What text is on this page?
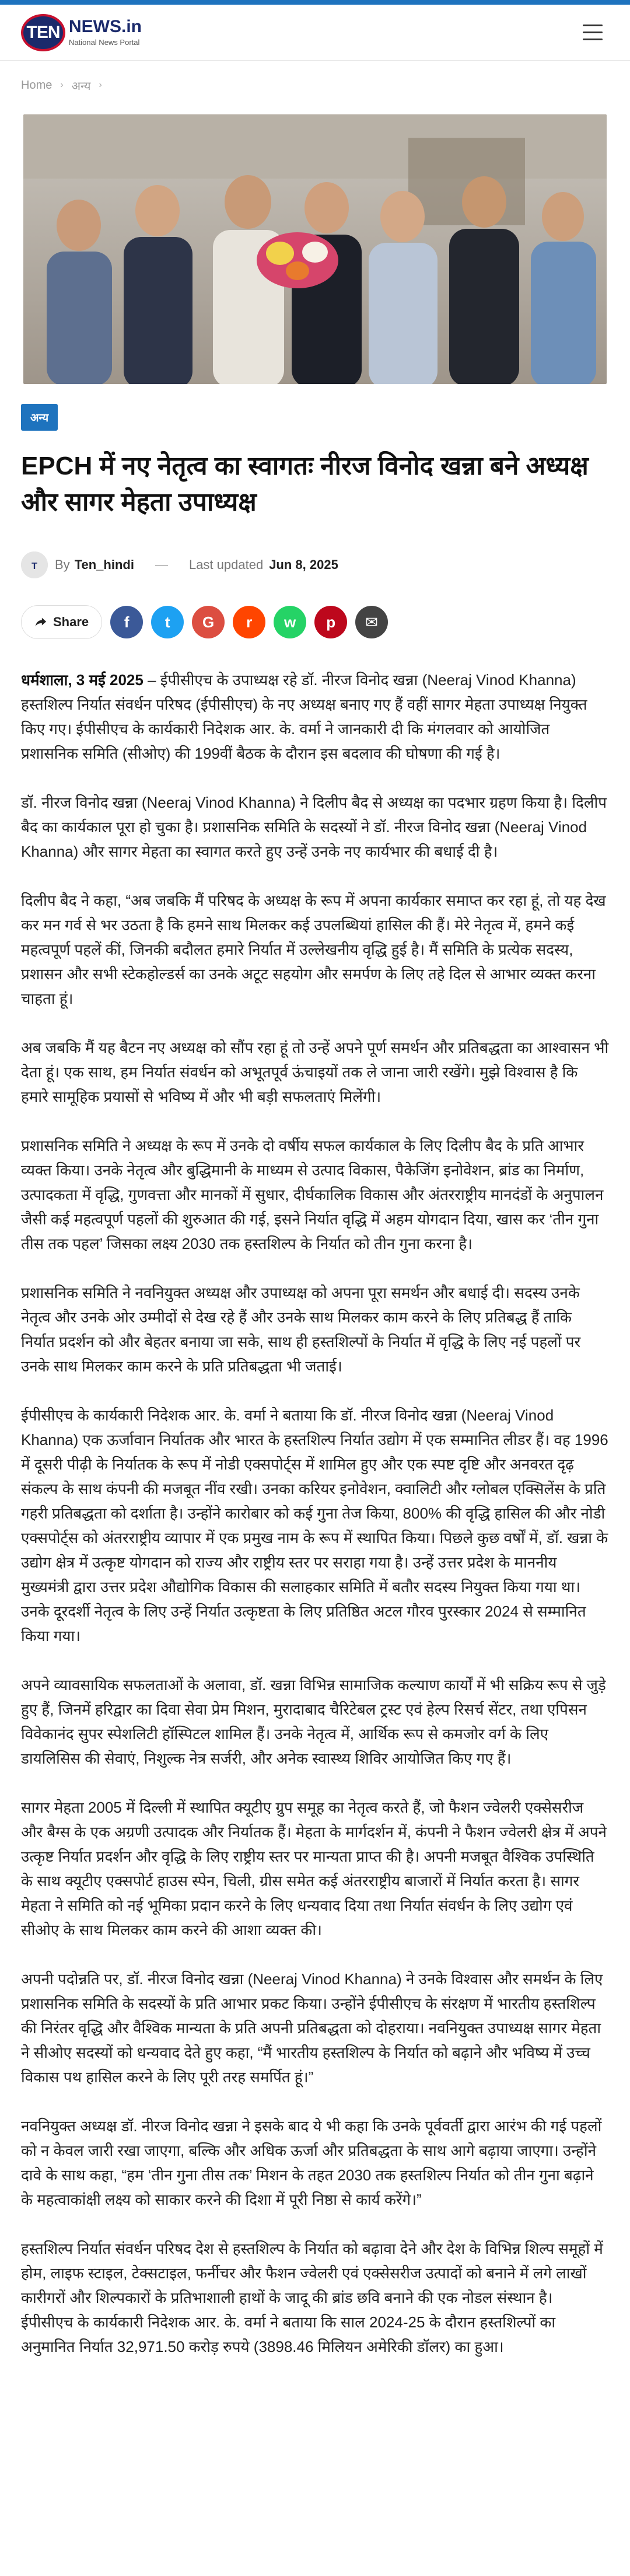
TEN NEWS.in
National News Portal
Home › अन्य ›
अन्य
EPCH में नए नेतृत्व का स्वागतः नीरज विनोद खन्ना बने अध्यक्ष और सागर मेहता उपाध्यक्ष
T By Ten_hindi — Last updated Jun 8, 2025
Share f t G r w p ✉

धर्मशाला, 3 मई 2025 – ईपीसीएच के उपाध्यक्ष रहे डॉ. नीरज विनोद खन्ना (Neeraj Vinod Khanna) हस्तशिल्प निर्यात संवर्धन परिषद (ईपीसीएच) के नए अध्यक्ष बनाए गए हैं वहीं सागर मेहता उपाध्यक्ष नियुक्त किए गए। ईपीसीएच के कार्यकारी निदेशक आर. के. वर्मा ने जानकारी दी कि मंगलवार को आयोजित प्रशासनिक समिति (सीओए) की 199वीं बैठक के दौरान इस बदलाव की घोषणा की गई है।

डॉ. नीरज विनोद खन्ना (Neeraj Vinod Khanna) ने दिलीप बैद से अध्यक्ष का पदभार ग्रहण किया है। दिलीप बैद का कार्यकाल पूरा हो चुका है। प्रशासनिक समिति के सदस्यों ने डॉ. नीरज विनोद खन्ना (Neeraj Vinod Khanna) और सागर मेहता का स्वागत करते हुए उन्हें उनके नए कार्यभार की बधाई दी है।

दिलीप बैद ने कहा, “अब जबकि मैं परिषद के अध्यक्ष के रूप में अपना कार्यकार समाप्त कर रहा हूं, तो यह देख कर मन गर्व से भर उठता है कि हमने साथ मिलकर कई उपलब्धियां हासिल की हैं। मेरे नेतृत्व में, हमने कई महत्वपूर्ण पहलें कीं, जिनकी बदौलत हमारे निर्यात में उल्लेखनीय वृद्धि हुई है। मैं समिति के प्रत्येक सदस्य, प्रशासन और सभी स्टेकहोल्डर्स का उनके अटूट सहयोग और समर्पण के लिए तहे दिल से आभार व्यक्त करना चाहता हूं।

अब जबकि मैं यह बैटन नए अध्यक्ष को सौंप रहा हूं तो उन्हें अपने पूर्ण समर्थन और प्रतिबद्धता का आश्वासन भी देता हूं। एक साथ, हम निर्यात संवर्धन को अभूतपूर्व ऊंचाइयों तक ले जाना जारी रखेंगे। मुझे विश्वास है कि हमारे सामूहिक प्रयासों से भविष्य में और भी बड़ी सफलताएं मिलेंगी।

प्रशासनिक समिति ने अध्यक्ष के रूप में उनके दो वर्षीय सफल कार्यकाल के लिए दिलीप बैद के प्रति आभार व्यक्त किया। उनके नेतृत्व और बुद्धिमानी के माध्यम से उत्पाद विकास, पैकेजिंग इनोवेशन, ब्रांड का निर्माण, उत्पादकता में वृद्धि, गुणवत्ता और मानकों में सुधार, दीर्घकालिक विकास और अंतरराष्ट्रीय मानदंडों के अनुपालन जैसी कई महत्वपूर्ण पहलों की शुरुआत की गई, इसने निर्यात वृद्धि में अहम योगदान दिया, खास कर ‘तीन गुना तीस तक पहल’ जिसका लक्ष्य 2030 तक हस्तशिल्प के निर्यात को तीन गुना करना है।

प्रशासनिक समिति ने नवनियुक्त अध्यक्ष और उपाध्यक्ष को अपना पूरा समर्थन और बधाई दी। सदस्य उनके नेतृत्व और उनके ओर उम्मीदों से देख रहे हैं और उनके साथ मिलकर काम करने के लिए प्रतिबद्ध हैं ताकि निर्यात प्रदर्शन को और बेहतर बनाया जा सके, साथ ही हस्तशिल्पों के निर्यात में वृद्धि के लिए नई पहलों पर उनके साथ मिलकर काम करने के प्रति प्रतिबद्धता भी जताई।

ईपीसीएच के कार्यकारी निदेशक आर. के. वर्मा ने बताया कि डॉ. नीरज विनोद खन्ना (Neeraj Vinod Khanna) एक ऊर्जावान निर्यातक और भारत के हस्तशिल्प निर्यात उद्योग में एक सम्मानित लीडर हैं। वह 1996 में दूसरी पीढ़ी के निर्यातक के रूप में नोडी एक्सपोर्ट्स में शामिल हुए और एक स्पष्ट दृष्टि और अनवरत दृढ़ संकल्प के साथ कंपनी की मजबूत नींव रखी। उनका करियर इनोवेशन, क्वालिटी और ग्लोबल एक्सिलेंस के प्रति गहरी प्रतिबद्धता को दर्शाता है। उन्होंने कारोबार को कई गुना तेज किया, 800% की वृद्धि हासिल की और नोडी एक्सपोर्ट्स को अंतरराष्ट्रीय व्यापार में एक प्रमुख नाम के रूप में स्थापित किया। पिछले कुछ वर्षों में, डॉ. खन्ना के उद्योग क्षेत्र में उत्कृष्ट योगदान को राज्य और राष्ट्रीय स्तर पर सराहा गया है। उन्हें उत्तर प्रदेश के माननीय मुख्यमंत्री द्वारा उत्तर प्रदेश औद्योगिक विकास की सलाहकार समिति में बतौर सदस्य नियुक्त किया गया था। उनके दूरदर्शी नेतृत्व के लिए उन्हें निर्यात उत्कृष्टता के लिए प्रतिष्ठित अटल गौरव पुरस्कार 2024 से सम्मानित किया गया।

अपने व्यावसायिक सफलताओं के अलावा, डॉ. खन्ना विभिन्न सामाजिक कल्याण कार्यों में भी सक्रिय रूप से जुड़े हुए हैं, जिनमें हरिद्वार का दिवा सेवा प्रेम मिशन, मुरादाबाद चैरिटेबल ट्रस्ट एवं हेल्प रिसर्च सेंटर, तथा एपिसन विवेकानंद सुपर स्पेशलिटी हॉस्पिटल शामिल हैं। उनके नेतृत्व में, आर्थिक रूप से कमजोर वर्ग के लिए डायलिसिस की सेवाएं, निशुल्क नेत्र सर्जरी, और अनेक स्वास्थ्य शिविर आयोजित किए गए हैं।

सागर मेहता 2005 में दिल्ली में स्थापित क्यूटीए ग्रुप समूह का नेतृत्व करते हैं, जो फैशन ज्वेलरी एक्सेसरीज और बैग्स के एक अग्रणी उत्पादक और निर्यातक हैं। मेहता के मार्गदर्शन में, कंपनी ने फैशन ज्वेलरी क्षेत्र में अपने उत्कृष्ट निर्यात प्रदर्शन और वृद्धि के लिए राष्ट्रीय स्तर पर मान्यता प्राप्त की है। अपनी मजबूत वैश्विक उपस्थिति के साथ क्यूटीए एक्सपोर्ट हाउस स्पेन, चिली, ग्रीस समेत कई अंतरराष्ट्रीय बाजारों में निर्यात करता है। सागर मेहता ने समिति को नई भूमिका प्रदान करने के लिए धन्यवाद दिया तथा निर्यात संवर्धन के लिए उद्योग एवं सीओए के साथ मिलकर काम करने की आशा व्यक्त की।

अपनी पदोन्नति पर, डॉ. नीरज विनोद खन्ना (Neeraj Vinod Khanna) ने उनके विश्वास और समर्थन के लिए प्रशासनिक समिति के सदस्यों के प्रति आभार प्रकट किया। उन्होंने ईपीसीएच के संरक्षण में भारतीय हस्तशिल्प की निरंतर वृद्धि और वैश्विक मान्यता के प्रति अपनी प्रतिबद्धता को दोहराया। नवनियुक्त उपाध्यक्ष सागर मेहता ने सीओए सदस्यों को धन्यवाद देते हुए कहा, “मैं भारतीय हस्तशिल्प के निर्यात को बढ़ाने और भविष्य में उच्च विकास पथ हासिल करने के लिए पूरी तरह समर्पित हूं।”

नवनियुक्त अध्यक्ष डॉ. नीरज विनोद खन्ना ने इसके बाद ये भी कहा कि उनके पूर्ववर्ती द्वारा आरंभ की गई पहलों को न केवल जारी रखा जाएगा, बल्कि और अधिक ऊर्जा और प्रतिबद्धता के साथ आगे बढ़ाया जाएगा। उन्होंने दावे के साथ कहा, “हम ‘तीन गुना तीस तक’ मिशन के तहत 2030 तक हस्तशिल्प निर्यात को तीन गुना बढ़ाने के महत्वाकांक्षी लक्ष्य को साकार करने की दिशा में पूरी निष्ठा से कार्य करेंगे।”

हस्तशिल्प निर्यात संवर्धन परिषद देश से हस्तशिल्प के निर्यात को बढ़ावा देने और देश के विभिन्न शिल्प समूहों में होम, लाइफ स्टाइल, टेक्सटाइल, फर्नीचर और फैशन ज्वेलरी एवं एक्सेसरीज उत्पादों को बनाने में लगे लाखों कारीगरों और शिल्पकारों के प्रतिभाशाली हाथों के जादू की ब्रांड छवि बनाने की एक नोडल संस्थान है। ईपीसीएच के कार्यकारी निदेशक आर. के. वर्मा ने बताया कि साल 2024-25 के दौरान हस्तशिल्पों का अनुमानित निर्यात 32,971.50 करोड़ रुपये (3898.46 मिलियन अमेरिकी डॉलर) का हुआ।
